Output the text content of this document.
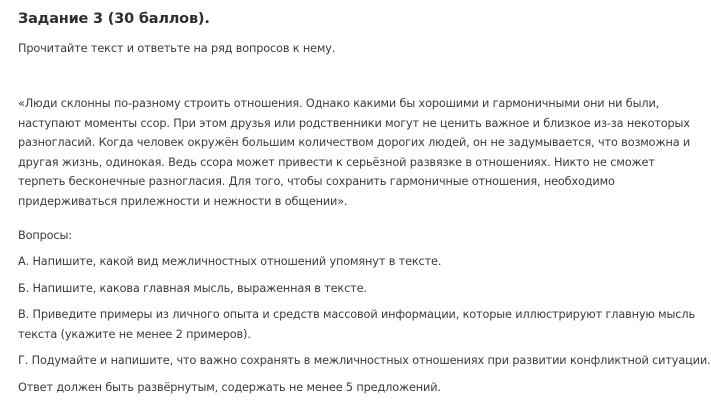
Задание 3 (30 баллов).
Прочитайте текст и ответьте на ряд вопросов к нему.
«Люди склонны по-разному строить отношения. Однако какими бы хорошими и гармоничными они ни были, наступают моменты ссор. При этом друзья или родственники могут не ценить важное и близкое из-за некоторых разногласий. Когда человек окружён большим количеством дорогих людей, он не задумывается, что возможна и другая жизнь, одинокая. Ведь ссора может привести к серьёзной развязке в отношениях. Никто не сможет терпеть бесконечные разногласия. Для того, чтобы сохранить гармоничные отношения, необходимо придерживаться прилежности и нежности в общении».
Вопросы:
А. Напишите, какой вид межличностных отношений упомянут в тексте.
Б. Напишите, какова главная мысль, выраженная в тексте.
В. Приведите примеры из личного опыта и средств массовой информации, которые иллюстрируют главную мысль текста (укажите не менее 2 примеров).
Г. Подумайте и напишите, что важно сохранять в межличностных отношениях при развитии конфликтной ситуации.
Ответ должен быть развёрнутым, содержать не менее 5 предложений.
